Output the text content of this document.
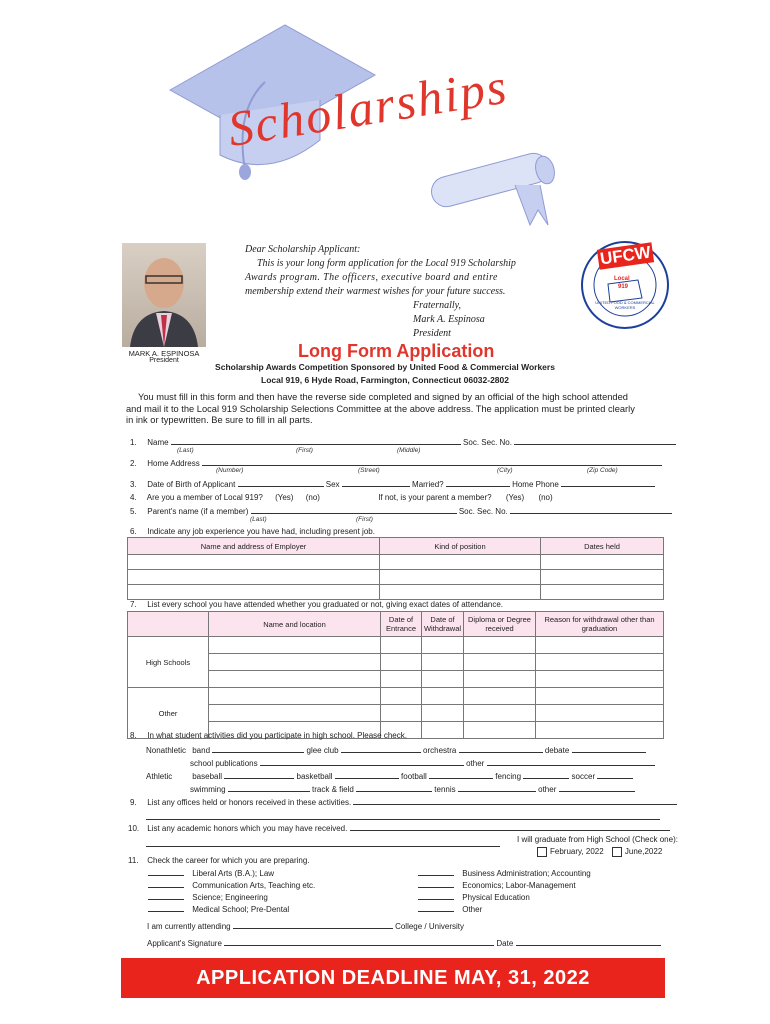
Scholarships
MARK A. ESPINOSA
President
Dear Scholarship Applicant:
This is your long form application for the Local 919 Scholarship
Awards program. The officers, executive board and entire
membership extend their warmest wishes for your future success.
Fraternally,
Mark A. Espinosa
President
UNITED FOOD & COMMERCIAL WORKERS
UFCW
Local
919
Long Form Application
Scholarship Awards Competition Sponsored by United Food & Commercial Workers
Local 919, 6 Hyde Road, Farmington, Connecticut 06032-2802
You must fill in this form and then have the reverse side completed and signed by an official of the high school attended
and mail it to the Local 919 Scholarship Selections Committee at the above address. The application must be printed clearly
in ink or typewritten. Be sure to fill in all parts.
1. Name	Soc. Sec. No.
(Last)	(First)	(Middle)
2. Home Address
(Number)	(Street)	(City)	(Zip Code)
3. Date of Birth of Applicant	Sex	Married?	Home Phone
4. Are you a member of Local 919? (Yes) (no)	If not, is your parent a member? (Yes) (no)
5. Parent's name (if a member)	Soc. Sec. No.
(Last)	(First)
6. Indicate any job experience you have had, including present job.
Name and address of Employer	Kind of position	Dates held

7. List every school you have attended whether you graduated or not, giving exact dates of attendance.
	Name and location	Date of Entrance	Date of Withdrawal	Diploma or Degree received	Reason for withdrawal other than graduation
High Schools					

Other					

8. In what student activities did you participate in high school. Please check.
Nonathletic band	glee club	orchestra	debate
school publications	other
Athletic	baseball	basketball	football	fencing	soccer
swimming	track & field	tennis	other
9. List any offices held or honors received in these activities.
10. List any academic honors which you may have received.
I will graduate from High School (Check one):
February, 2022	June,2022
11. Check the career for which you are preparing.
Liberal Arts (B.A.); Law
Communication Arts, Teaching etc.
Science; Engineering
Medical School; Pre-Dental
Business Administration; Accounting
Economics; Labor-Management
Physical Education
Other
I am currently attending	College / University
Applicant's Signature	Date
APPLICATION DEADLINE MAY, 31, 2022
